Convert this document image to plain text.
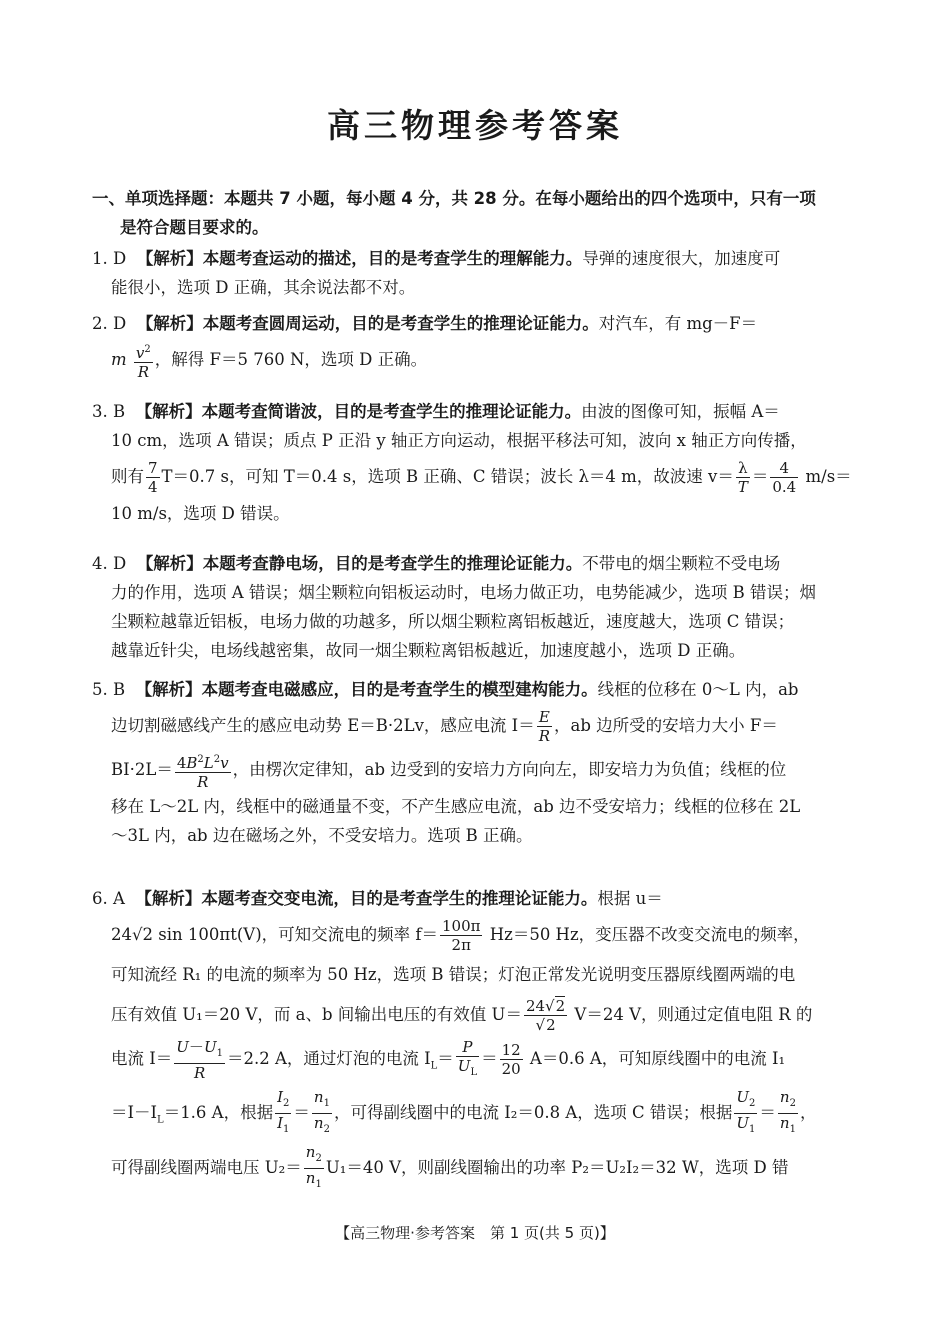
高三物理参考答案
一、单项选择题：本题共 7 小题，每小题 4 分，共 28 分。在每小题给出的四个选项中，只有一项
是符合题目要求的。
1. D 【解析】本题考查运动的描述，目的是考查学生的理解能力。导弹的速度很大，加速度可
能很小，选项 D 正确，其余说法都不对。
2. D 【解析】本题考查圆周运动，目的是考查学生的推理论证能力。对汽车，有 mg－F＝
m $\frac{v^2}{R}$ ，解得 F＝5 760 N，选项 D 正确。
3. B 【解析】本题考查简谐波，目的是考查学生的推理论证能力。由波的图像可知，振幅 A＝
10 cm，选项 A 错误；质点 P 正沿 y 轴正方向运动，根据平移法可知，波向 x 轴正方向传播，
则有 $\frac{7}{4} T=0.7$ s，可知 T＝0.4 s，选项 B 正确、C 错误；波长 λ＝4 m，故波速 $v= \frac{\lambda}{T} = \frac{4}{0.4} m/s=$
10 m/s，选项 D 错误。
4. D 【解析】本题考查静电场，目的是考查学生的推理论证能力。不带电的烟尘颗粒不受电场
力的作用，选项 A 错误；烟尘颗粒向铝板运动时，电场力做正功，电势能减少，选项 B 错误；烟
尘颗粒越靠近铝板，电场力做的功越多，所以烟尘颗粒离铝板越近，速度越大，选项 C 错误；
越靠近针尖，电场线越密集，故同一烟尘颗粒离铝板越近，加速度越小，选项 D 正确。
5. B 【解析】本题考查电磁感应，目的是考查学生的模型建构能力。线框的位移在 0～L 内，ab
边切割磁感线产生的感应电动势 E＝B·2Lv，感应电流 $I= \frac{E}{R}$ ，ab 边所受的安培力大小 F＝
$BI\cdot 2L= \frac{4B^2L^2v}{R}$ ，由楞次定律知，ab 边受到的安培力方向向左，即安培力为负值；线框的位
移在 L～2L 内，线框中的磁通量不变，不产生感应电流，ab 边不受安培力；线框的位移在 2L
～3L 内，ab 边在磁场之外，不受安培力。选项 B 正确。
6. A 【解析】本题考查交变电流，目的是考查学生的推理论证能力。根据 u＝
24√2 sin 100πt(V)，可知交流电的频率 $f= \frac{100\pi}{2\pi} Hz=50$ Hz，变压器不改变交流电的频率，
可知流经 R₁ 的电流的频率为 50 Hz，选项 B 错误；灯泡正常发光说明变压器原线圈两端的电
压有效值 U₁＝20 V，而 a、b 间输出电压的有效值 $U= \frac{24√2}{√2} V=24$ V，则通过定值电阻 R 的
电流 $I= \frac{U-U_1}{R} =2.2$ A，通过灯泡的电流 $I_L= \frac{P}{U_L} = \frac{12}{20} A=0.6$ A，可知原线圈中的电流 I₁
$=I-I_L=1.6$ A，根据 $\frac{I_2}{I_1} = \frac{n_1}{n_2}$ ，可得副线圈中的电流 I₂＝0.8 A，选项 C 错误；根据 $\frac{U_2}{U_1} = \frac{n_2}{n_1}$ ，
可得副线圈两端电压 $U_2= \frac{n_2}{n_1} U_1=40$ V，则副线圈输出的功率 P₂＝U₂I₂＝32 W，选项 D 错
【高三物理·参考答案　第 1 页(共 5 页)】
